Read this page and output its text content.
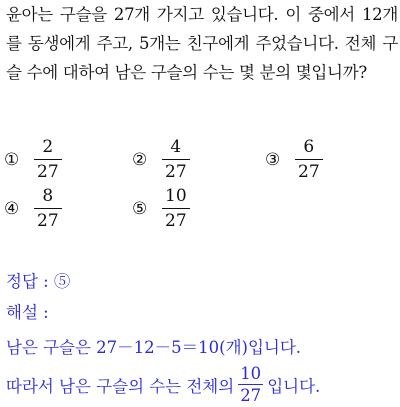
윤아는 구슬을 27개 가지고 있습니다. 이 중에서 12개를 동생에게 주고, 5개는 친구에게 주었습니다. 전체 구슬 수에 대하여 남은 구슬의 수는 몇 분의 몇입니까?
① $\frac{2}{27}$	② $\frac{4}{27}$	③ $\frac{6}{27}$
④ $\frac{8}{27}$	⑤ $\frac{10}{27}$
정답 : ⑤
해설 :
남은 구슬은 27－12－5＝10(개)입니다.
따라서 남은 구슬의 수는 전체의 $\frac{10}{27}$ 입니다.
